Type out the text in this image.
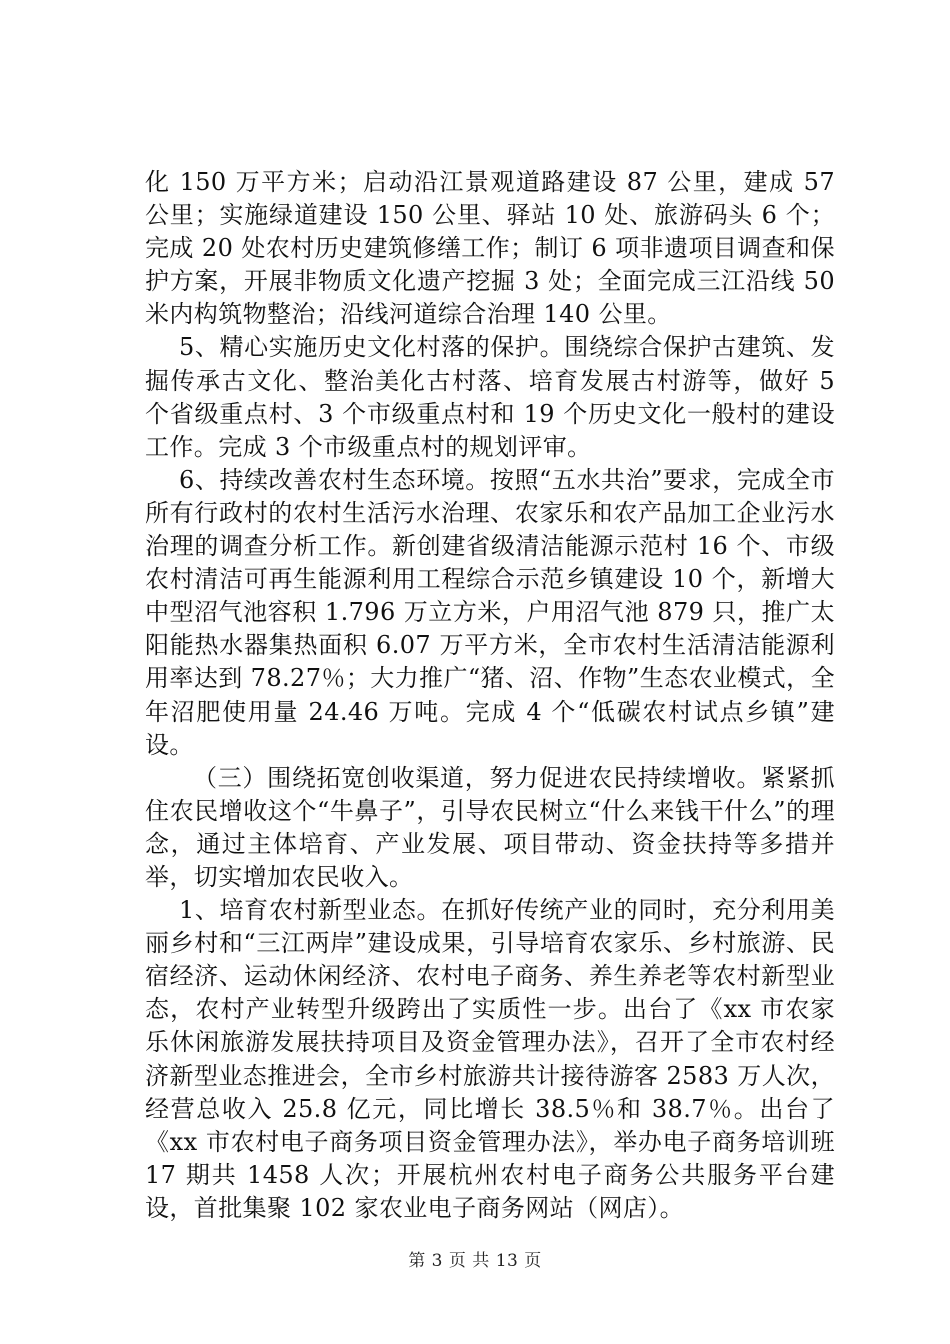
化 150 万平方米；启动沿江景观道路建设 87 公里，建成 57 公里；实施绿道建设 150 公里、驿站 10 处、旅游码头 6 个；完成 20 处农村历史建筑修缮工作；制订 6 项非遗项目调查和保护方案，开展非物质文化遗产挖掘 3 处；全面完成三江沿线 50 米内构筑物整治；沿线河道综合治理 140 公里。

5、精心实施历史文化村落的保护。围绕综合保护古建筑、发掘传承古文化、整治美化古村落、培育发展古村游等，做好 5 个省级重点村、3 个市级重点村和 19 个历史文化一般村的建设工作。完成 3 个市级重点村的规划评审。

6、持续改善农村生态环境。按照“五水共治”要求，完成全市所有行政村的农村生活污水治理、农家乐和农产品加工企业污水治理的调查分析工作。新创建省级清洁能源示范村 16 个、市级农村清洁可再生能源利用工程综合示范乡镇建设 10 个，新增大中型沼气池容积 1.796 万立方米，户用沼气池 879 只，推广太阳能热水器集热面积 6.07 万平方米，全市农村生活清洁能源利用率达到 78.27％；大力推广“猪、沼、作物”生态农业模式，全年沼肥使用量 24.46 万吨。完成 4 个“低碳农村试点乡镇”建设。

（三）围绕拓宽创收渠道，努力促进农民持续增收。紧紧抓住农民增收这个“牛鼻子”，引导农民树立“什么来钱干什么”的理念，通过主体培育、产业发展、项目带动、资金扶持等多措并举，切实增加农民收入。

1、培育农村新型业态。在抓好传统产业的同时，充分利用美丽乡村和“三江两岸”建设成果，引导培育农家乐、乡村旅游、民宿经济、运动休闲经济、农村电子商务、养生养老等农村新型业态，农村产业转型升级跨出了实质性一步。出台了《xx 市农家乐休闲旅游发展扶持项目及资金管理办法》，召开了全市农村经济新型业态推进会，全市乡村旅游共计接待游客 2583 万人次，经营总收入 25.8 亿元，同比增长 38.5％和 38.7％。出台了《xx 市农村电子商务项目资金管理办法》，举办电子商务培训班 17 期共 1458 人次；开展杭州农村电子商务公共服务平台建设，首批集聚 102 家农业电子商务网站（网店）。

第 3 页 共 13 页
